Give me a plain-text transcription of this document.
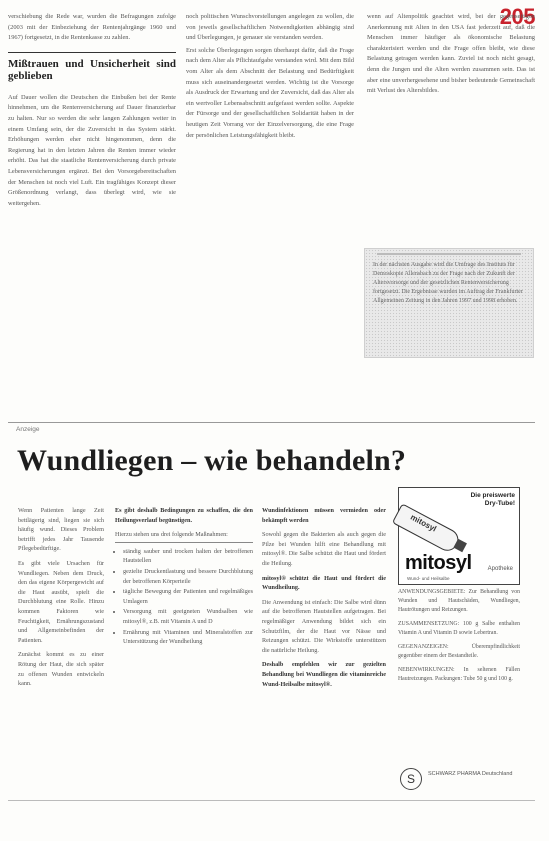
205

verschiebung die Rede war, wurden die Befragungen zufolge (2003 mit der Einbeziehung der Rentenjahrgänge 1960 und 1967) fortgesetzt, in die Rentenkasse zu zahlen.

Mißtrauen und Unsicherheit sind geblieben

Auf Dauer wollen die Deutschen die Einbußen bei der Rente hinnehmen, um die Rentenversicherung auf Dauer finanzierbar zu halten. Nur so werden die sehr langen Zahlungen weiter in einem Umfang sein, der die Zuversicht in das System stärkt. Erhöhungen werden eher nicht hingenommen, denn die Regierung hat in den letzten Jahren die Renten immer wieder erhöht. Das hat die staatliche Rentenversicherung durch private Lebensversicherungen ergänzt. Bei den Vorsorgebereitschaften der Menschen ist noch viel Luft. Ein tragfähiges Konzept dieser Größenordnung verlangt, dass überlegt wird, wie sie weitergehen.

noch politischen Wunschvorstellungen angelegen zu wollen, die von jeweils gesellschaftlichen Notwendigkeiten abhängig sind und Überlegungen, je genauer sie verstanden werden.

Erst solche Überlegungen sorgen überhaupt dafür, daß die Frage nach dem Alter als Pflichtaufgabe verstanden wird. Mit dem Bild vom Alter als dem Abschnitt der Belastung und Bedürftigkeit muss sich auseinandergesetzt werden. Wichtig ist die Vorsorge als Ausdruck der Erwartung und der Zuversicht, daß das Alter als ein wertvoller Lebensabschnitt aufgefasst werden sollte. Aspekte der Fürsorge und der gesellschaftlichen Solidarität haben in der heutigen Zeit Vorrang vor der Einzelversorgung, die eine Frage der persönlichen Leistungsfähigkeit bleibt.

wenn auf Altenpolitik geachtet wird, bei der gegenseitigen Anerkennung mit Alten in den USA fast jederzeit auf, daß die Menschen immer häufiger als ökonomische Belastung charakterisiert werden und die Frage offen bleibt, wie diese Belastung getragen werden kann. Zuviel ist noch nicht gesagt, denn die Jungen und die Alten werden zusammen sein. Das ist aber eine unverhergesehene und bisher bedeutende Gemeinschaft mit Verlust des Altersbildes.

In der nächsten Ausgabe wird die Umfrage des Instituts für Demoskopie Allensbach zu der Frage nach der Zukunft der Altersvorsorge und der gesetzlichen Rentenversicherung fortgesetzt. Die Ergebnisse wurden im Auftrag der Frankfurter Allgemeinen Zeitung in den Jahren 1997 und 1998 erhoben.
Anzeige
Wundliegen – wie behandeln?

Wenn Patienten lange Zeit bettlägerig sind, liegen sie sich häufig wund. Dieses Problem betrifft jedes Jahr Tausende Pflegebedürftige.

Es gibt viele Ursachen für Wundliegen. Neben dem Druck, den das eigene Körpergewicht auf die Haut ausübt, spielt die Durchblutung eine Rolle. Hinzu kommen Faktoren wie Feuchtigkeit, Ernährungszustand und Allgemeinbefinden der Patienten.

Zunächst kommt es zu einer Rötung der Haut, die sich später zu offenen Wunden entwickeln kann.

Es gibt deshalb Bedingungen zu schaffen, die den Heilungsverlauf begünstigen.

Hierzu stehen uns drei folgende Maßnahmen:
• ständig sauber und trocken halten der betroffenen Hautstellen
• gezielte Druckentlastung und bessere Durchblutung der betroffenen Körperteile
• tägliche Bewegung der Patienten und regelmäßiges Umlagern
• Versorgung mit geeigneten Wundsalben wie mitosyl®, z.B. mit Vitamin A und D
• Ernährung mit Vitaminen und Mineralstoffen zur Unterstützung der Wundheilung

Wundinfektionen müssen vermieden oder bekämpft werden

Sowohl gegen die Bakterien als auch gegen die Pilze bei Wunden hilft eine Behandlung mit mitosyl®. Die Salbe schützt die Haut und fördert die Heilung.

mitosyl® schützt die Haut und fördert die Wundheilung.

Die Anwendung ist einfach: Die Salbe wird dünn auf die betroffenen Hautstellen aufgetragen. Bei regelmäßiger Anwendung bildet sich ein Schutzfilm, der die Haut vor Nässe und Reizungen schützt. Die Wirkstoffe unterstützen die natürliche Heilung.

Deshalb empfehlen wir zur gezielten Behandlung bei Wundliegen die vitaminreiche Wund-Heilsalbe mitosyl®.

Die preiswerte Dry-Tube!
mitosyl
Apotheke
mitosyl
Wund- und Heilsalbe

ANWENDUNGSGEBIETE: Zur Behandlung von Wunden und Hautschäden, Wundliegen, Hautrötungen und Reizungen.

ZUSAMMENSETZUNG: 100 g Salbe enthalten Vitamin A und Vitamin D sowie Lebertran.

GEGENANZEIGEN: Überempfindlichkeit gegenüber einem der Bestandteile.

NEBENWIRKUNGEN: In seltenen Fällen Hautreizungen. Packungen: Tube 50 g und 100 g.

S	SCHWARZ PHARMA Deutschland
